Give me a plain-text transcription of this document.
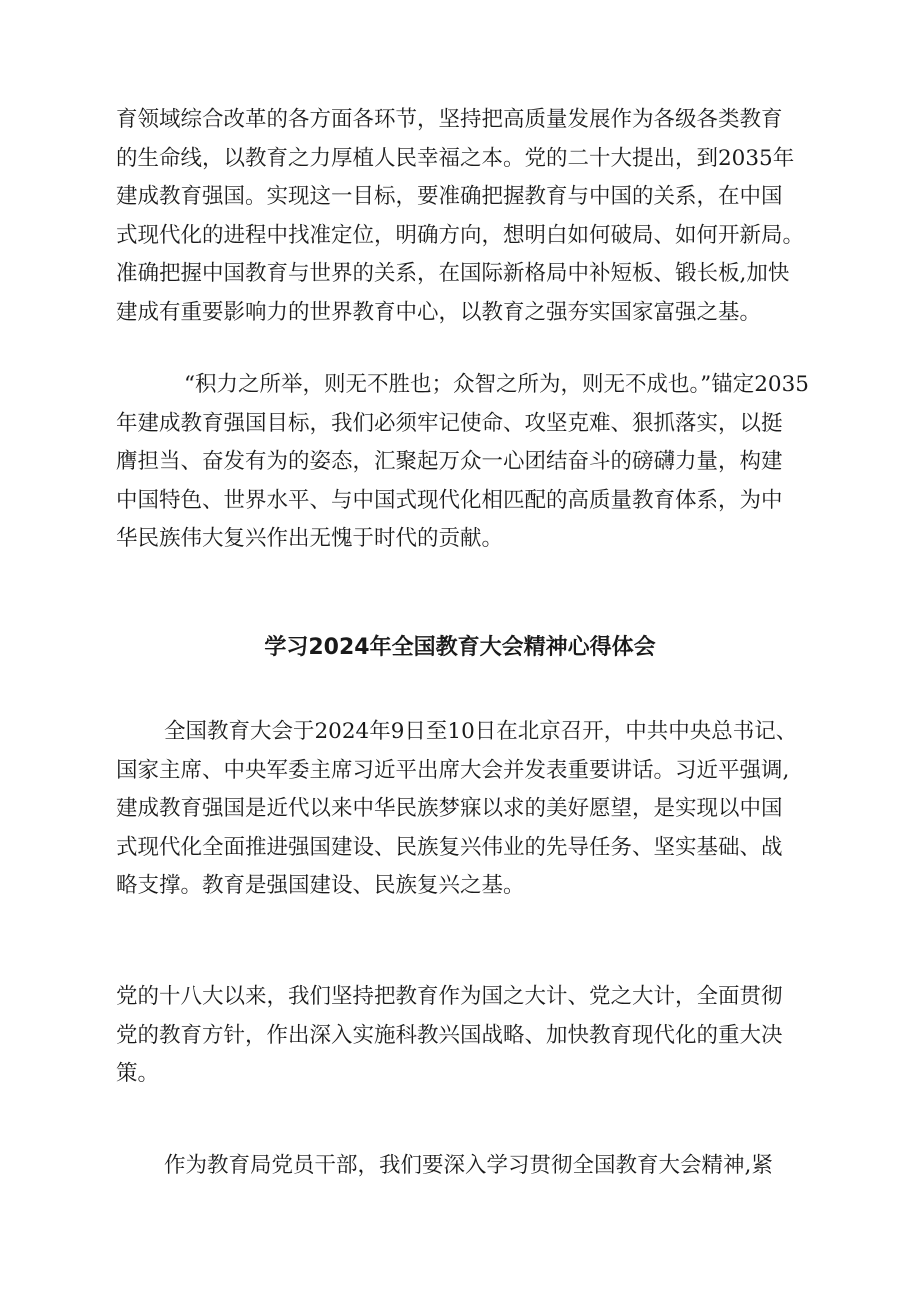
育领域综合改革的各方面各环节，坚持把高质量发展作为各级各类教育
的生命线，以教育之力厚植人民幸福之本。党的二十大提出，到2035年
建成教育强国。实现这一目标，要准确把握教育与中国的关系，在中国
式现代化的进程中找准定位，明确方向，想明白如何破局、如何开新局。
准确把握中国教育与世界的关系，在国际新格局中补短板、锻长板,加快
建成有重要影响力的世界教育中心，以教育之强夯实国家富强之基。
“积力之所举，则无不胜也；众智之所为，则无不成也。”锚定2035
年建成教育强国目标，我们必须牢记使命、攻坚克难、狠抓落实，以挺
膺担当、奋发有为的姿态，汇聚起万众一心团结奋斗的磅礴力量，构建
中国特色、世界水平、与中国式现代化相匹配的高质量教育体系，为中
华民族伟大复兴作出无愧于时代的贡献。
学习2024年全国教育大会精神心得体会
全国教育大会于2024年9日至10日在北京召开，中共中央总书记、
国家主席、中央军委主席习近平出席大会并发表重要讲话。习近平强调,
建成教育强国是近代以来中华民族梦寐以求的美好愿望，是实现以中国
式现代化全面推进强国建设、民族复兴伟业的先导任务、坚实基础、战
略支撑。教育是强国建设、民族复兴之基。
党的十八大以来，我们坚持把教育作为国之大计、党之大计，全面贯彻
党的教育方针，作出深入实施科教兴国战略、加快教育现代化的重大决
策。
作为教育局党员干部，我们要深入学习贯彻全国教育大会精神,紧
